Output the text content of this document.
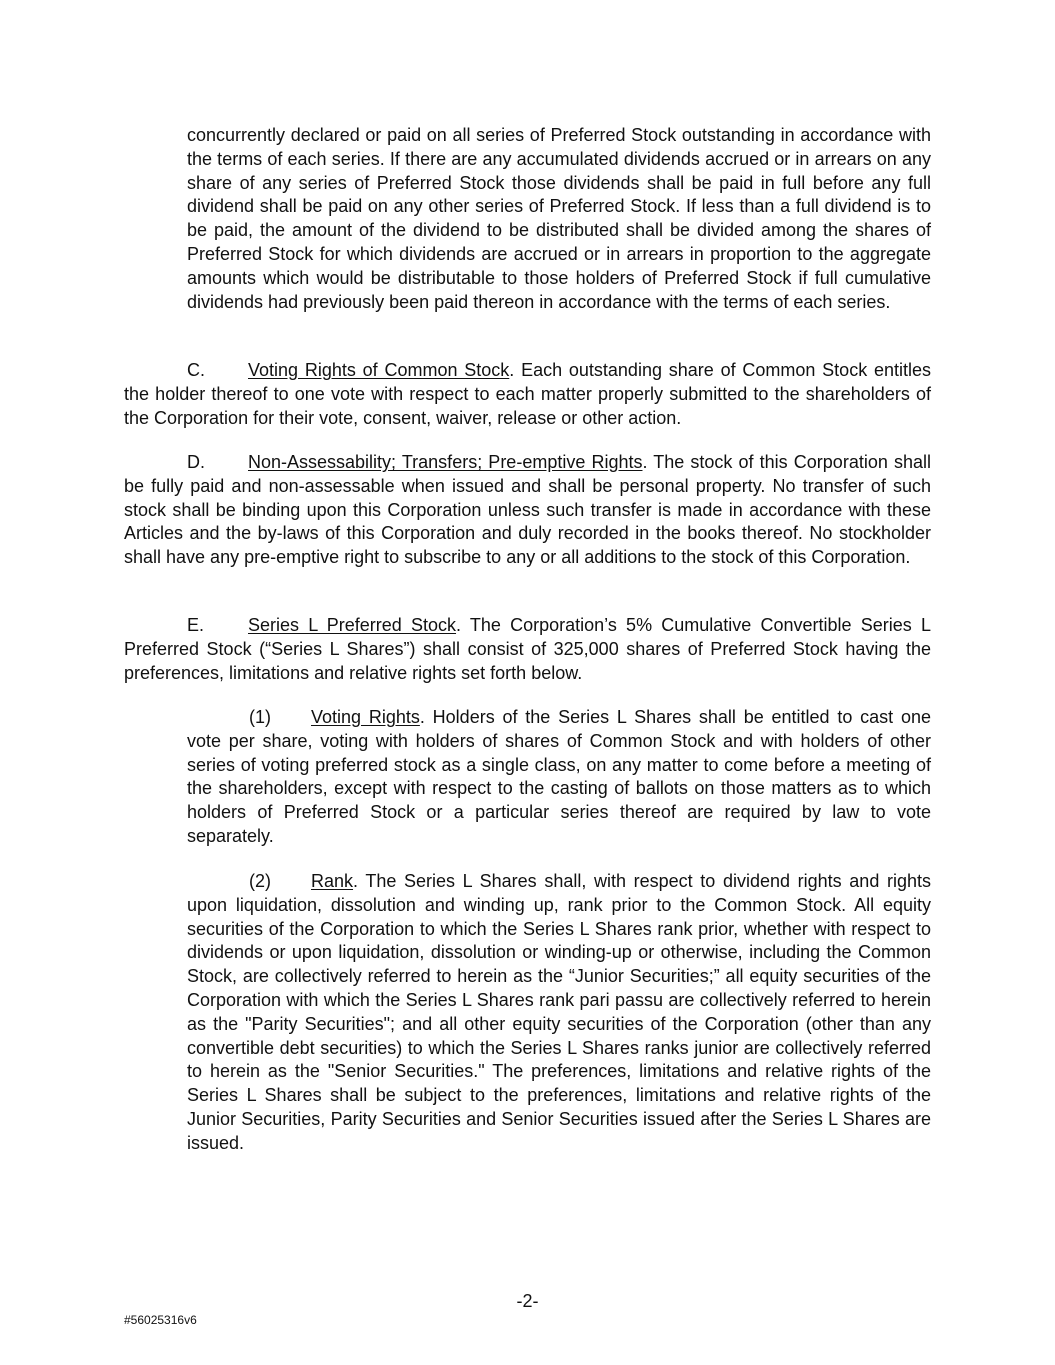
concurrently declared or paid on all series of Preferred Stock outstanding in accordance with the terms of each series. If there are any accumulated dividends accrued or in arrears on any share of any series of Preferred Stock those dividends shall be paid in full before any full dividend shall be paid on any other series of Preferred Stock. If less than a full dividend is to be paid, the amount of the dividend to be distributed shall be divided among the shares of Preferred Stock for which dividends are accrued or in arrears in proportion to the aggregate amounts which would be distributable to those holders of Preferred Stock if full cumulative dividends had previously been paid thereon in accordance with the terms of each series.

C. Voting Rights of Common Stock. Each outstanding share of Common Stock entitles the holder thereof to one vote with respect to each matter properly submitted to the shareholders of the Corporation for their vote, consent, waiver, release or other action.

D. Non-Assessability; Transfers; Pre-emptive Rights. The stock of this Corporation shall be fully paid and non-assessable when issued and shall be personal property. No transfer of such stock shall be binding upon this Corporation unless such transfer is made in accordance with these Articles and the by-laws of this Corporation and duly recorded in the books thereof. No stockholder shall have any pre-emptive right to subscribe to any or all additions to the stock of this Corporation.

E. Series L Preferred Stock. The Corporation’s 5% Cumulative Convertible Series L Preferred Stock (“Series L Shares”) shall consist of 325,000 shares of Preferred Stock having the preferences, limitations and relative rights set forth below.

(1) Voting Rights. Holders of the Series L Shares shall be entitled to cast one vote per share, voting with holders of shares of Common Stock and with holders of other series of voting preferred stock as a single class, on any matter to come before a meeting of the shareholders, except with respect to the casting of ballots on those matters as to which holders of Preferred Stock or a particular series thereof are required by law to vote separately.

(2) Rank. The Series L Shares shall, with respect to dividend rights and rights upon liquidation, dissolution and winding up, rank prior to the Common Stock. All equity securities of the Corporation to which the Series L Shares rank prior, whether with respect to dividends or upon liquidation, dissolution or winding-up or otherwise, including the Common Stock, are collectively referred to herein as the “Junior Securities;” all equity securities of the Corporation with which the Series L Shares rank pari passu are collectively referred to herein as the "Parity Securities"; and all other equity securities of the Corporation (other than any convertible debt securities) to which the Series L Shares ranks junior are collectively referred to herein as the "Senior Securities." The preferences, limitations and relative rights of the Series L Shares shall be subject to the preferences, limitations and relative rights of the Junior Securities, Parity Securities and Senior Securities issued after the Series L Shares are issued.

-2-
#56025316v6
